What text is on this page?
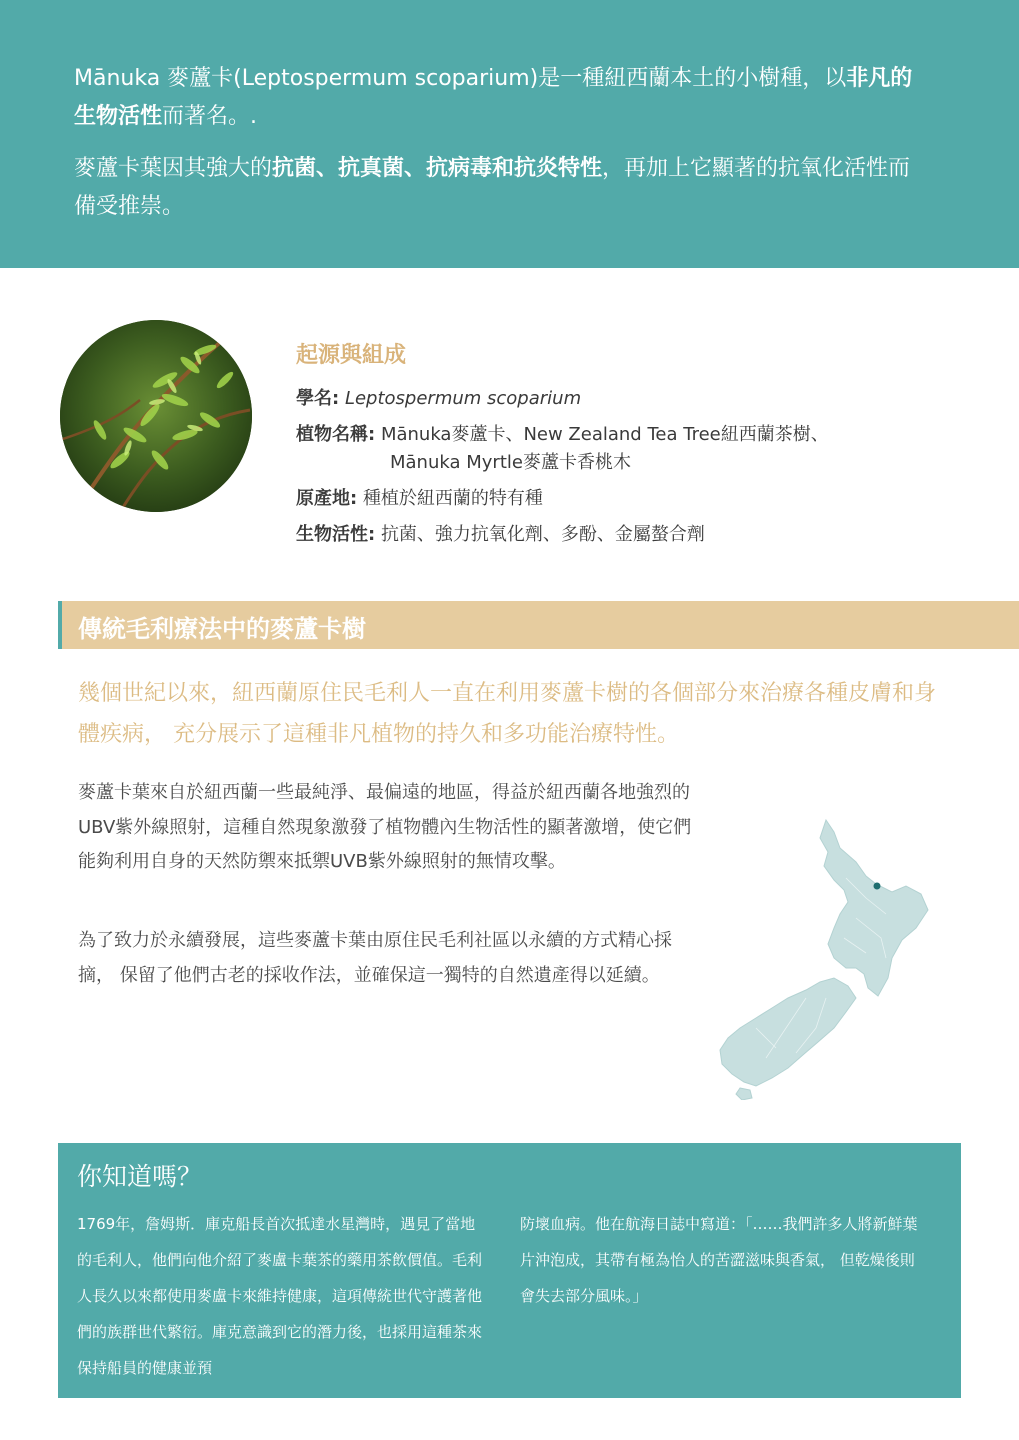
Mānuka 麥蘆卡(Leptospermum scoparium)是一種紐西蘭本土的小樹種，以非凡的生物活性而著名。.

麥蘆卡葉因其強大的抗菌、抗真菌、抗病毒和抗炎特性，再加上它顯著的抗氧化活性而備受推崇。

起源與組成
學名: Leptospermum scoparium
植物名稱: Mānuka麥蘆卡、New Zealand Tea Tree紐西蘭茶樹、
Mānuka Myrtle麥蘆卡香桃木
原產地: 種植於紐西蘭的特有種
生物活性: 抗菌、強力抗氧化劑、多酚、金屬螯合劑
傳統毛利療法中的麥蘆卡樹

幾個世紀以來，紐西蘭原住民毛利人一直在利用麥蘆卡樹的各個部分來治療各種皮膚和身體疾病， 充分展示了這種非凡植物的持久和多功能治療特性。

麥蘆卡葉來自於紐西蘭一些最純淨、最偏遠的地區，得益於紐西蘭各地強烈的UBV紫外線照射，這種自然現象激發了植物體內生物活性的顯著激增，使它們能夠利用自身的天然防禦來抵禦UVB紫外線照射的無情攻擊。

為了致力於永續發展，這些麥蘆卡葉由原住民毛利社區以永續的方式精心採摘， 保留了他們古老的採收作法，並確保這一獨特的自然遺產得以延續。

你知道嗎？

1769年，詹姆斯．庫克船長首次抵達水星灣時，遇見了當地的毛利人，他們向他介紹了麥盧卡葉茶的藥用茶飲價值。毛利人長久以來都使用麥盧卡來維持健康，這項傳統世代守護著他們的族群世代繁衍。庫克意識到它的潛力後，也採用這種茶來保持船員的健康並預

防壞血病。他在航海日誌中寫道：「……我們許多人將新鮮葉片沖泡成，其帶有極為怡人的苦澀滋味與香氣， 但乾燥後則會失去部分風味。」
